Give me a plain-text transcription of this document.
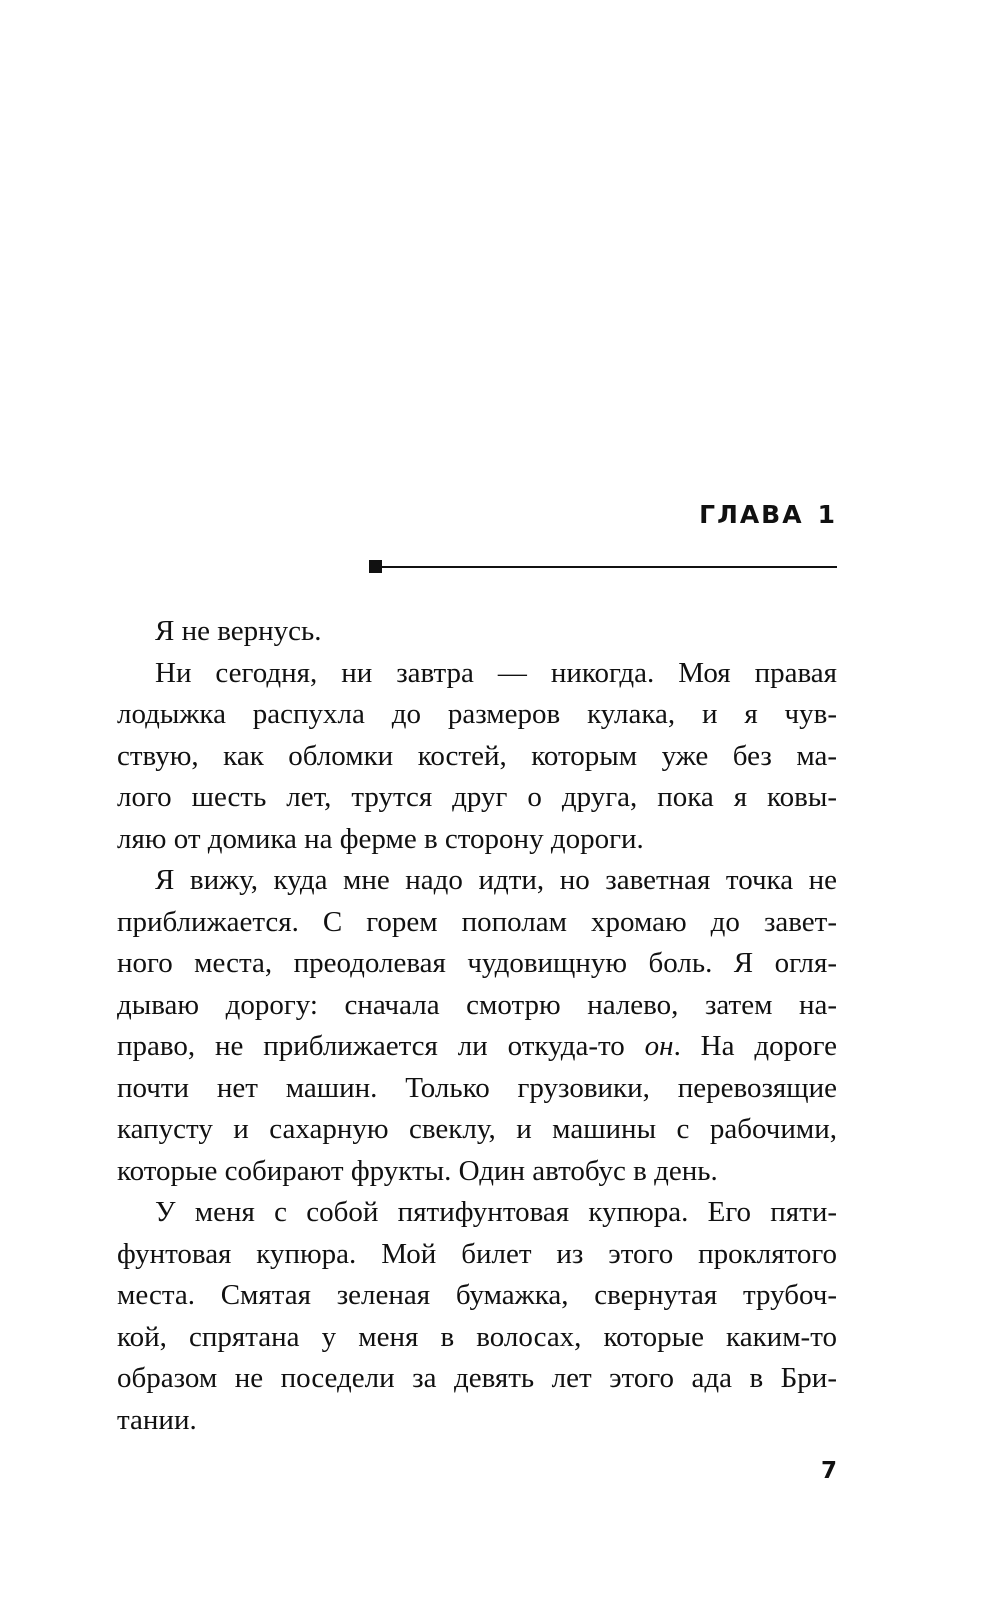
ГЛАВА 1
Я не вернусь.
Ни сегодня, ни завтра — никогда. Моя правая
лодыжка распухла до размеров кулака, и я чув-
ствую, как обломки костей, которым уже без ма-
лого шесть лет, трутся друг о друга, пока я ковы-
ляю от домика на ферме в сторону дороги.
Я вижу, куда мне надо идти, но заветная точка не
приближается. С горем пополам хромаю до завет-
ного места, преодолевая чудовищную боль. Я огля-
дываю дорогу: сначала смотрю налево, затем на-
право, не приближается ли откуда-то он. На дороге
почти нет машин. Только грузовики, перевозящие
капусту и сахарную свеклу, и машины с рабочими,
которые собирают фрукты. Один автобус в день.
У меня с собой пятифунтовая купюра. Его пяти-
фунтовая купюра. Мой билет из этого проклятого
места. Смятая зеленая бумажка, свернутая трубоч-
кой, спрятана у меня в волосах, которые каким-то
образом не поседели за девять лет этого ада в Бри-
тании.
7
